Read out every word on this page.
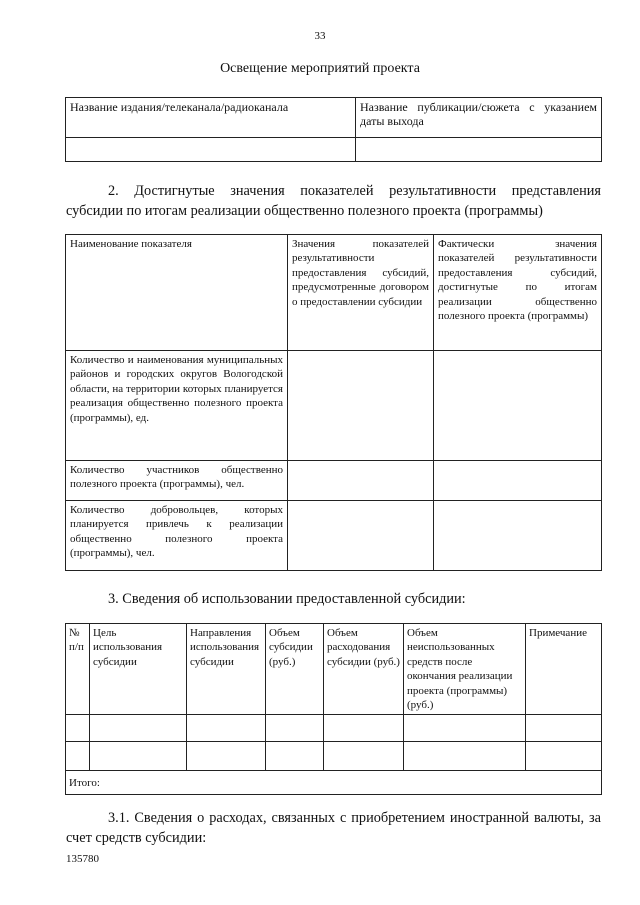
33
Освещение мероприятий проекта
Название издания/телеканала/радиоканала	Название публикации/сюжета с указанием даты выхода

2. Достигнутые значения показателей результативности представления субсидии по итогам реализации общественно полезного проекта (программы)
Наименование показателя	Значения показателей результативности предоставления субсидий, предусмотренные договором о предоставлении субсидии	Фактически значения показателей результативности предоставления субсидий, достигнутые по итогам реализации общественно полезного проекта (программы)
Количество и наименования муниципальных районов и городских округов Вологодской области, на территории которых планируется реализация общественно полезного проекта (программы), ед.		
Количество участников общественно полезного проекта (программы), чел.		
Количество добровольцев, которых планируется привлечь к реализации общественно полезного проекта (программы), чел.		
3. Сведения об использовании предоставленной субсидии:
№ п/п	Цель использования субсидии	Направления использования субсидии	Объем субсидии (руб.)	Объем расходования субсидии (руб.)	Объем неиспользованных средств после окончания реализации проекта (программы) (руб.)	Примечание

Итого:						
3.1. Сведения о расходах, связанных с приобретением иностранной валюты, за счет средств субсидии:
135780
